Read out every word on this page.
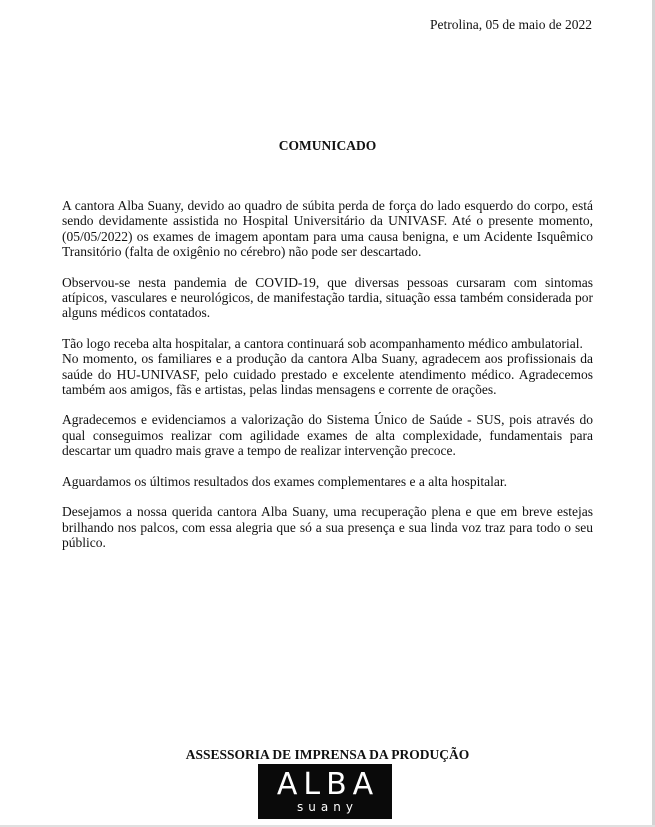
Petrolina, 05 de maio de 2022
COMUNICADO

A cantora Alba Suany, devido ao quadro de súbita perda de força do lado esquerdo do corpo, está sendo devidamente assistida no Hospital Universitário da UNIVASF. Até o presente momento, (05/05/2022) os exames de imagem apontam para uma causa benigna, e um Acidente Isquêmico Transitório (falta de oxigênio no cérebro) não pode ser descartado.

Observou-se nesta pandemia de COVID-19, que diversas pessoas cursaram com sintomas atípicos, vasculares e neurológicos, de manifestação tardia, situação essa também considerada por alguns médicos contatados.

Tão logo receba alta hospitalar, a cantora continuará sob acompanhamento médico ambulatorial.

No momento, os familiares e a produção da cantora Alba Suany, agradecem aos profissionais da saúde do HU-UNIVASF, pelo cuidado prestado e excelente atendimento médico. Agradecemos também aos amigos, fãs e artistas, pelas lindas mensagens e corrente de orações.

Agradecemos e evidenciamos a valorização do Sistema Único de Saúde - SUS, pois através do qual conseguimos realizar com agilidade exames de alta complexidade, fundamentais para descartar um quadro mais grave a tempo de realizar intervenção precoce.

Aguardamos os últimos resultados dos exames complementares e a alta hospitalar.

Desejamos a nossa querida cantora Alba Suany, uma recuperação plena e que em breve estejas brilhando nos palcos, com essa alegria que só a sua presença e sua linda voz traz para todo o seu público.

ASSESSORIA DE IMPRENSA DA PRODUÇÃO
ALBA
suany
